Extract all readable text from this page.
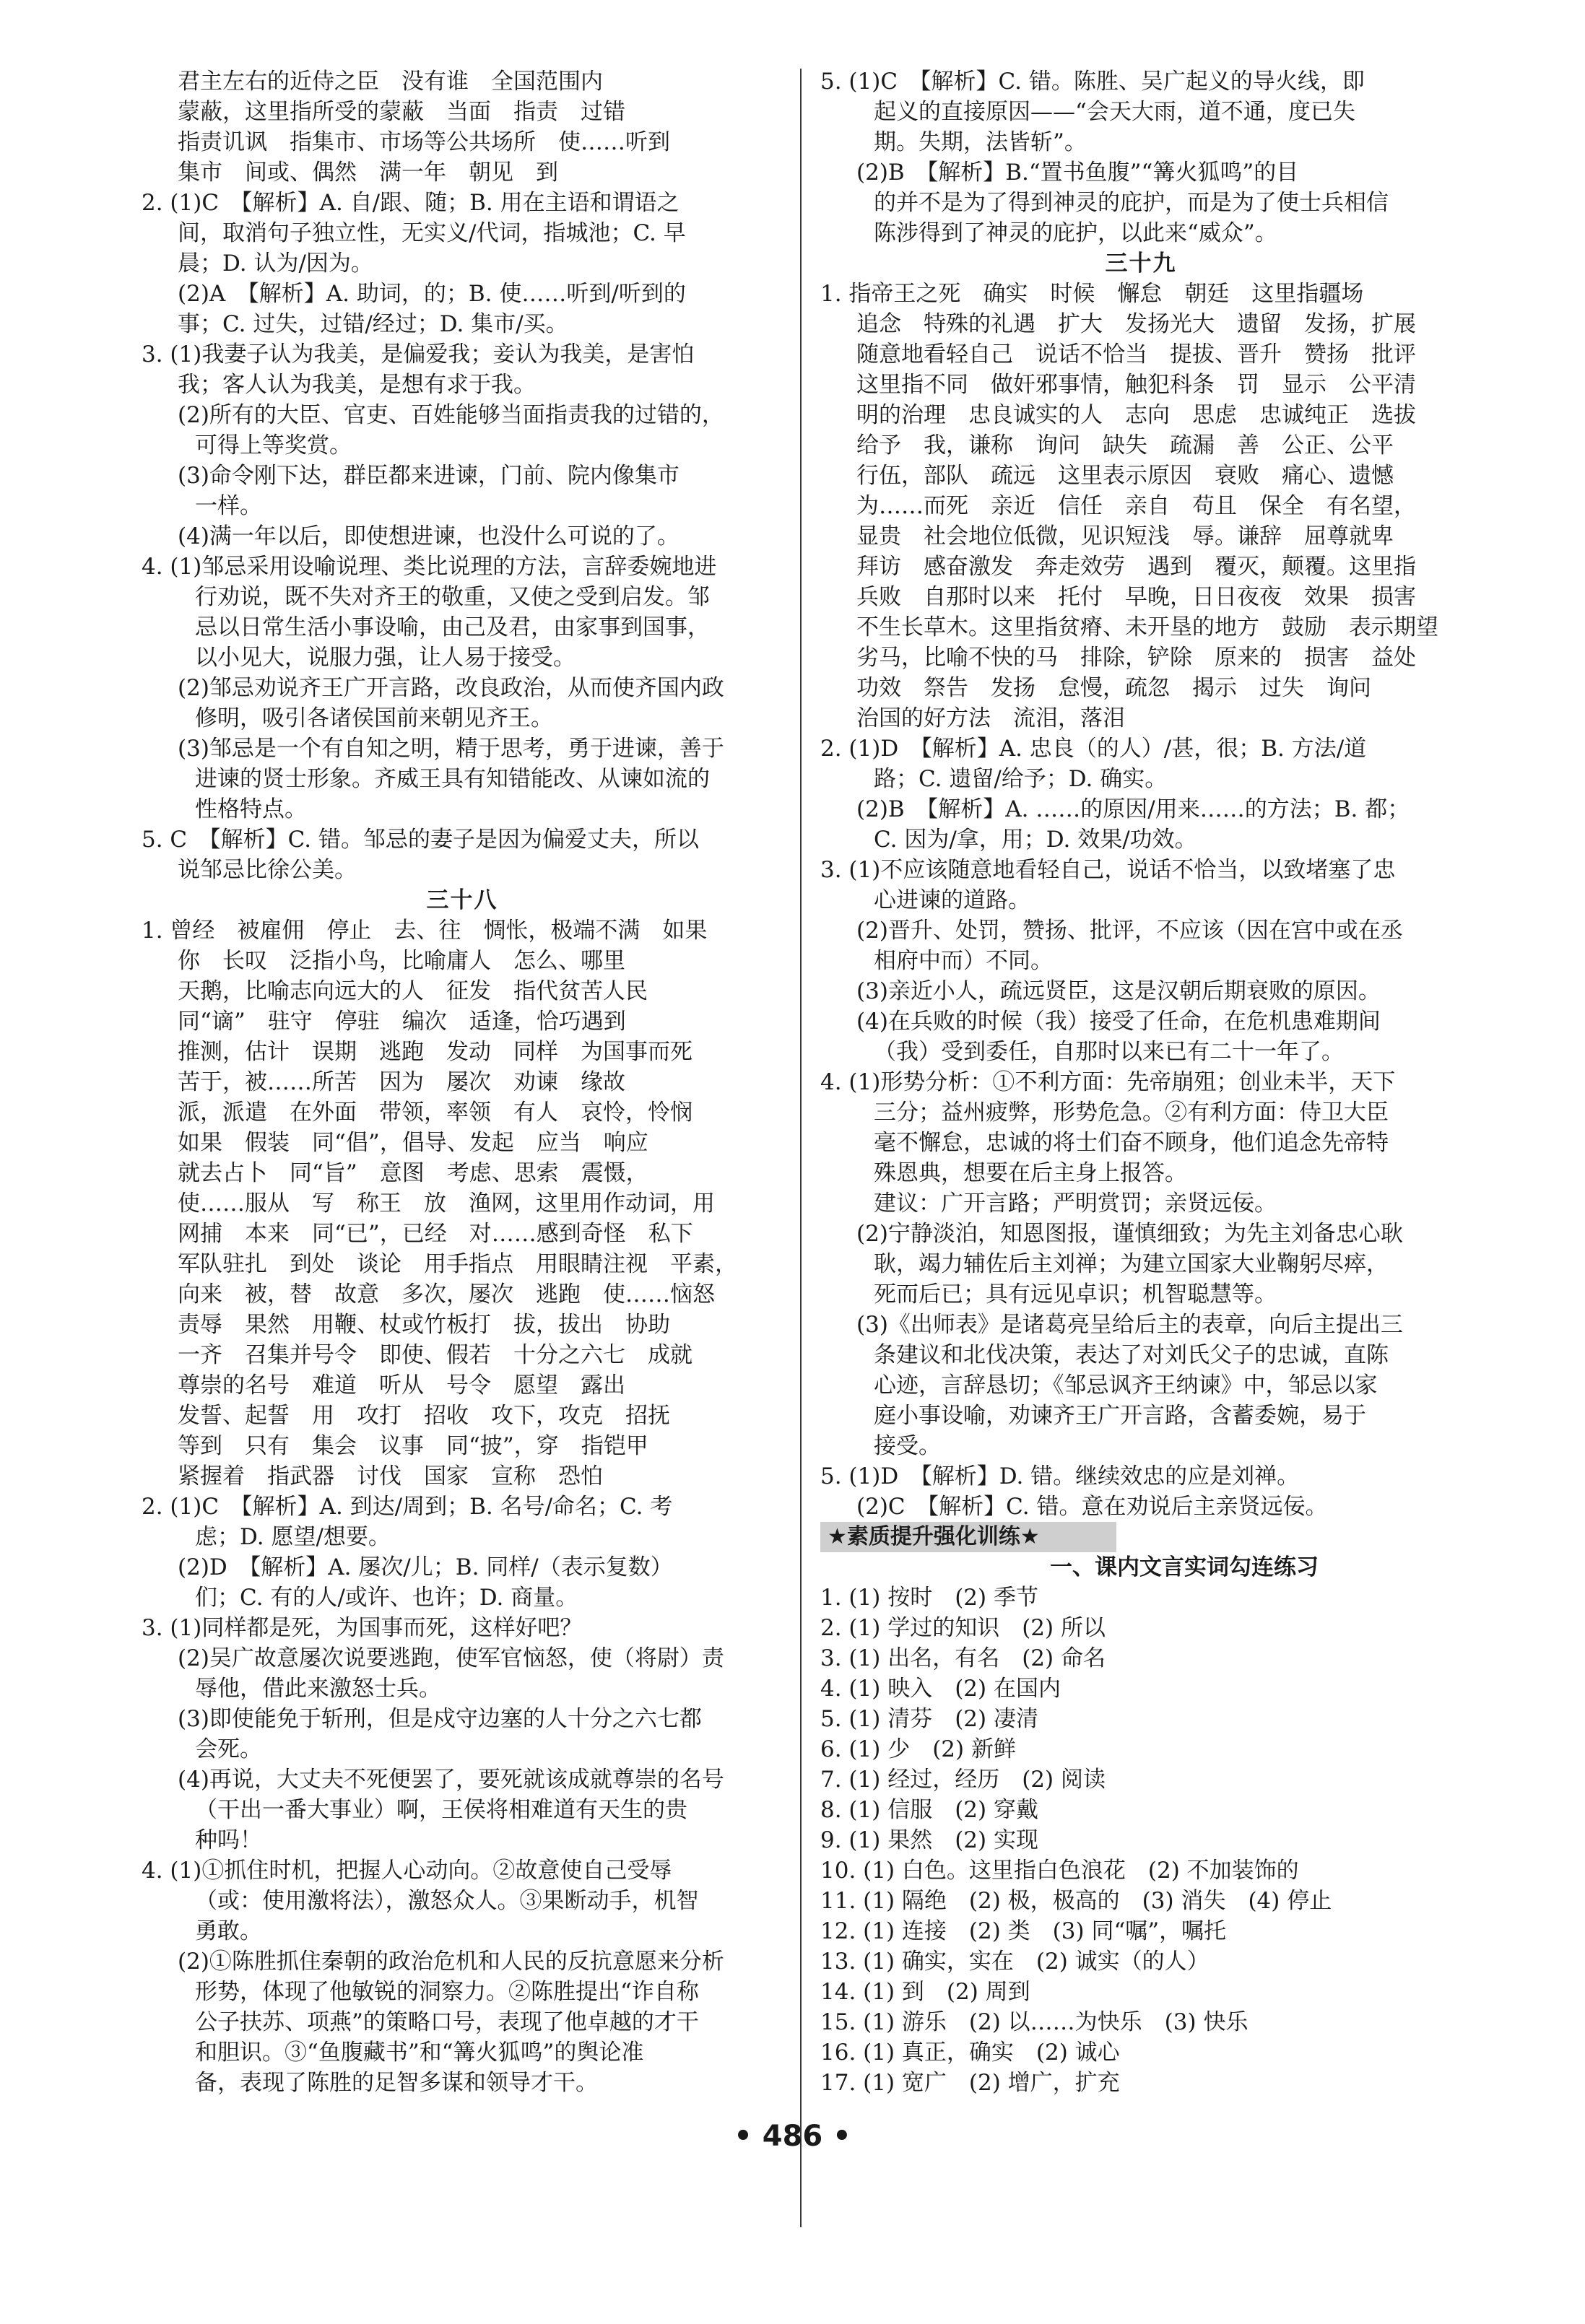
君主左右的近侍之臣　没有谁　全国范围内
蒙蔽，这里指所受的蒙蔽　当面　指责　过错
指责讥讽　指集市、市场等公共场所　使……听到
集市　间或、偶然　满一年　朝见　到
2. (1)C　【解析】A. 自/跟、随；B. 用在主语和谓语之
间，取消句子独立性，无实义/代词，指城池；C. 早
晨；D. 认为/因为。
(2)A　【解析】A. 助词，的；B. 使……听到/听到的
事；C. 过失，过错/经过；D. 集市/买。
3. (1)我妻子认为我美，是偏爱我；妾认为我美，是害怕
我；客人认为我美，是想有求于我。
(2)所有的大臣、官吏、百姓能够当面指责我的过错的，
可得上等奖赏。
(3)命令刚下达，群臣都来进谏，门前、院内像集市
一样。
(4)满一年以后，即使想进谏，也没什么可说的了。
4. (1)邹忌采用设喻说理、类比说理的方法，言辞委婉地进
行劝说，既不失对齐王的敬重，又使之受到启发。邹
忌以日常生活小事设喻，由己及君，由家事到国事，
以小见大，说服力强，让人易于接受。
(2)邹忌劝说齐王广开言路，改良政治，从而使齐国内政
修明，吸引各诸侯国前来朝见齐王。
(3)邹忌是一个有自知之明，精于思考，勇于进谏，善于
进谏的贤士形象。齐威王具有知错能改、从谏如流的
性格特点。
5. C　【解析】C. 错。邹忌的妻子是因为偏爱丈夫，所以
说邹忌比徐公美。
三十八
1. 曾经　被雇佣　停止　去、往　惆怅，极端不满　如果
你　长叹　泛指小鸟，比喻庸人　怎么、哪里
天鹅，比喻志向远大的人　征发　指代贫苦人民
同“谪”　驻守　停驻　编次　适逢，恰巧遇到
推测，估计　误期　逃跑　发动　同样　为国事而死
苦于，被……所苦　因为　屡次　劝谏　缘故
派，派遣　在外面　带领，率领　有人　哀怜，怜悯
如果　假装　同“倡”，倡导、发起　应当　响应
就去占卜　同“旨”　意图　考虑、思索　震慑，
使……服从　写　称王　放　渔网，这里用作动词，用
网捕　本来　同“已”，已经　对……感到奇怪　私下
军队驻扎　到处　谈论　用手指点　用眼睛注视　平素，
向来　被，替　故意　多次，屡次　逃跑　使……恼怒
责辱　果然　用鞭、杖或竹板打　拔，拔出　协助
一齐　召集并号令　即使、假若　十分之六七　成就
尊崇的名号　难道　听从　号令　愿望　露出
发誓、起誓　用　攻打　招收　攻下，攻克　招抚
等到　只有　集会　议事　同“披”，穿　指铠甲
紧握着　指武器　讨伐　国家　宣称　恐怕
2. (1)C　【解析】A. 到达/周到；B. 名号/命名；C. 考
虑；D. 愿望/想要。
(2)D　【解析】A. 屡次/儿；B. 同样/（表示复数）
们；C. 有的人/或许、也许；D. 商量。
3. (1)同样都是死，为国事而死，这样好吧？
(2)吴广故意屡次说要逃跑，使军官恼怒，使（将尉）责
辱他，借此来激怒士兵。
(3)即使能免于斩刑，但是戍守边塞的人十分之六七都
会死。
(4)再说，大丈夫不死便罢了，要死就该成就尊崇的名号
（干出一番大事业）啊，王侯将相难道有天生的贵
种吗！
4. (1)①抓住时机，把握人心动向。②故意使自己受辱
（或：使用激将法），激怒众人。③果断动手，机智
勇敢。
(2)①陈胜抓住秦朝的政治危机和人民的反抗意愿来分析
形势，体现了他敏锐的洞察力。②陈胜提出“诈自称
公子扶苏、项燕”的策略口号，表现了他卓越的才干
和胆识。③“鱼腹藏书”和“篝火狐鸣”的舆论准
备，表现了陈胜的足智多谋和领导才干。
5. (1)C　【解析】C. 错。陈胜、吴广起义的导火线，即
起义的直接原因——“会天大雨，道不通，度已失
期。失期，法皆斩”。
(2)B　【解析】B.“置书鱼腹”“篝火狐鸣”的目
的并不是为了得到神灵的庇护，而是为了使士兵相信
陈涉得到了神灵的庇护，以此来“威众”。
三十九
1. 指帝王之死　确实　时候　懈怠　朝廷　这里指疆场
追念　特殊的礼遇　扩大　发扬光大　遗留　发扬，扩展
随意地看轻自己　说话不恰当　提拔、晋升　赞扬　批评
这里指不同　做奸邪事情，触犯科条　罚　显示　公平清
明的治理　忠良诚实的人　志向　思虑　忠诚纯正　选拔
给予　我，谦称　询问　缺失　疏漏　善　公正、公平
行伍，部队　疏远　这里表示原因　衰败　痛心、遗憾
为……而死　亲近　信任　亲自　苟且　保全　有名望，
显贵　社会地位低微，见识短浅　辱。谦辞　屈尊就卑
拜访　感奋激发　奔走效劳　遇到　覆灭，颠覆。这里指
兵败　自那时以来　托付　早晚，日日夜夜　效果　损害
不生长草木。这里指贫瘠、未开垦的地方　鼓励　表示期望
劣马，比喻不快的马　排除，铲除　原来的　损害　益处
功效　祭告　发扬　怠慢，疏忽　揭示　过失　询问
治国的好方法　流泪，落泪
2. (1)D　【解析】A. 忠良（的人）/甚，很；B. 方法/道
路；C. 遗留/给予；D. 确实。
(2)B　【解析】A. ……的原因/用来……的方法；B. 都；
C. 因为/拿，用；D. 效果/功效。
3. (1)不应该随意地看轻自己，说话不恰当，以致堵塞了忠
心进谏的道路。
(2)晋升、处罚，赞扬、批评，不应该（因在宫中或在丞
相府中而）不同。
(3)亲近小人，疏远贤臣，这是汉朝后期衰败的原因。
(4)在兵败的时候（我）接受了任命，在危机患难期间
（我）受到委任，自那时以来已有二十一年了。
4. (1)形势分析：①不利方面：先帝崩殂；创业未半，天下
三分；益州疲弊，形势危急。②有利方面：侍卫大臣
毫不懈怠，忠诚的将士们奋不顾身，他们追念先帝特
殊恩典，想要在后主身上报答。
建议：广开言路；严明赏罚；亲贤远佞。
(2)宁静淡泊，知恩图报，谨慎细致；为先主刘备忠心耿
耿，竭力辅佐后主刘禅；为建立国家大业鞠躬尽瘁，
死而后已；具有远见卓识；机智聪慧等。
(3)《出师表》是诸葛亮呈给后主的表章，向后主提出三
条建议和北伐决策，表达了对刘氏父子的忠诚，直陈
心迹，言辞恳切；《邹忌讽齐王纳谏》中，邹忌以家
庭小事设喻，劝谏齐王广开言路，含蓄委婉，易于
接受。
5. (1)D　【解析】D. 错。继续效忠的应是刘禅。
(2)C　【解析】C. 错。意在劝说后主亲贤远佞。
★素质提升强化训练★
一、课内文言实词勾连练习
1. (1) 按时　(2) 季节
2. (1) 学过的知识　(2) 所以
3. (1) 出名，有名　(2) 命名
4. (1) 映入　(2) 在国内
5. (1) 清芬　(2) 凄清
6. (1) 少　(2) 新鲜
7. (1) 经过，经历　(2) 阅读
8. (1) 信服　(2) 穿戴
9. (1) 果然　(2) 实现
10. (1) 白色。这里指白色浪花　(2) 不加装饰的
11. (1) 隔绝　(2) 极，极高的　(3) 消失　(4) 停止
12. (1) 连接　(2) 类　(3) 同“嘱”，嘱托
13. (1) 确实，实在　(2) 诚实（的人）
14. (1) 到　(2) 周到
15. (1) 游乐　(2) 以……为快乐　(3) 快乐
16. (1) 真正，确实　(2) 诚心
17. (1) 宽广　(2) 增广，扩充
• 486 •
